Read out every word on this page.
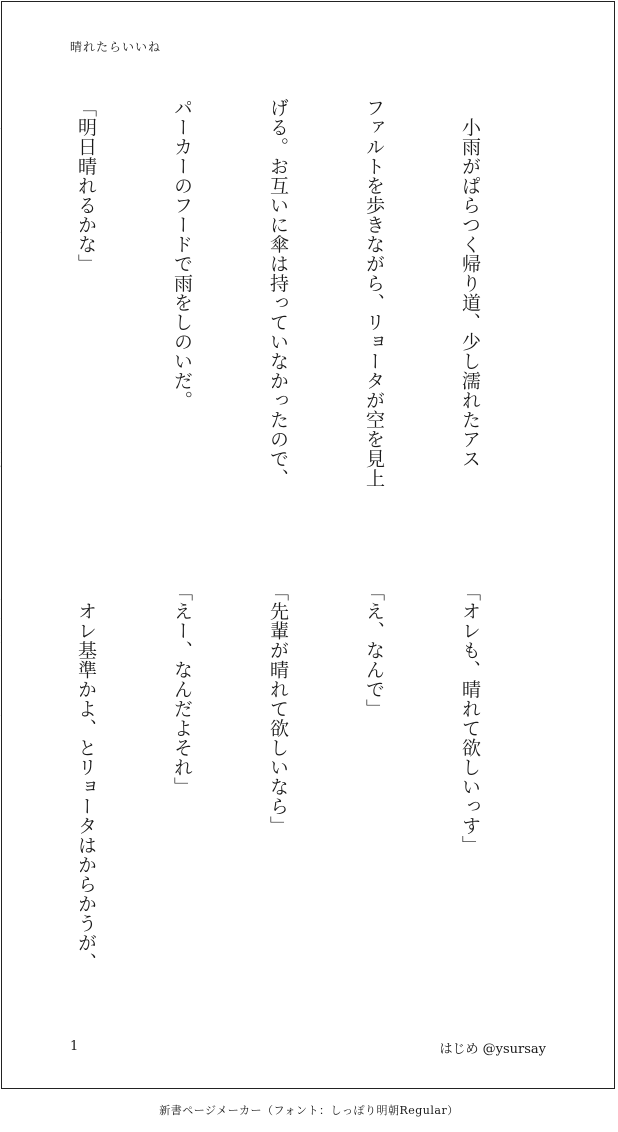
晴れたらいいね

　小雨がぱらつく帰り道、少し濡れたアス

ファルトを歩きながら、リョータが空を見上

げる。お互いに傘は持っていなかったので、

パーカーのフードで雨をしのいだ。

「明日晴れるかな」

「オレも、晴れて欲しいっす」

「え、なんで」

「先輩が晴れて欲しいなら」

「えー、なんだよそれ」

　オレ基準かよ、とリョータはからかうが、

1	はじめ @ysursay
新書ページメーカー（フォント：しっぽり明朝Regular）
